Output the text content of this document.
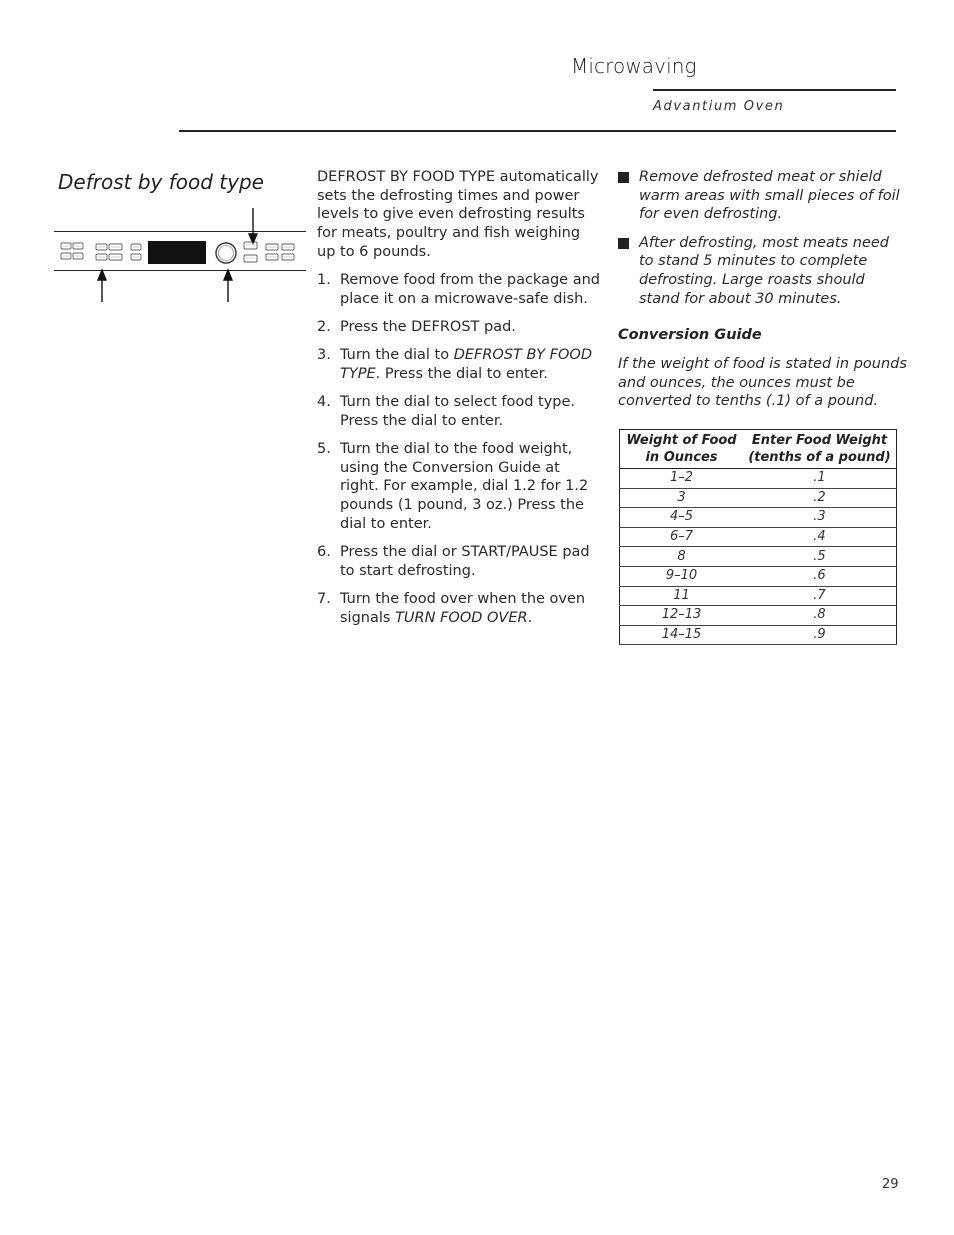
Microwaving
Advantium Oven
Defrost by food type	DEFROST BY FOOD TYPE automatically sets the defrosting times and power levels to give even defrosting results for meats, poultry and fish weighing up to 6 pounds.
1. Remove food from the package and place it on a microwave-safe dish.
2. Press the DEFROST pad.
3. Turn the dial to DEFROST BY FOOD TYPE. Press the dial to enter.
4. Turn the dial to select food type. Press the dial to enter.
5. Turn the dial to the food weight, using the Conversion Guide at right. For example, dial 1.2 for 1.2 pounds (1 pound, 3 oz.) Press the dial to enter.
6. Press the dial or START/PAUSE pad to start defrosting.
7. Turn the food over when the oven signals TURN FOOD OVER.
Remove defrosted meat or shield warm areas with small pieces of foil for even defrosting.
After defrosting, most meats need to stand 5 minutes to complete defrosting. Large roasts should stand for about 30 minutes.
Conversion Guide
If the weight of food is stated in pounds and ounces, the ounces must be converted to tenths (.1) of a pound.
Weight of Food in Ounces	Enter Food Weight (tenths of a pound)
1–2	.1
3	.2
4–5	.3
6–7	.4
8	.5
9–10	.6
11	.7
12–13	.8
14–15	.9
29
